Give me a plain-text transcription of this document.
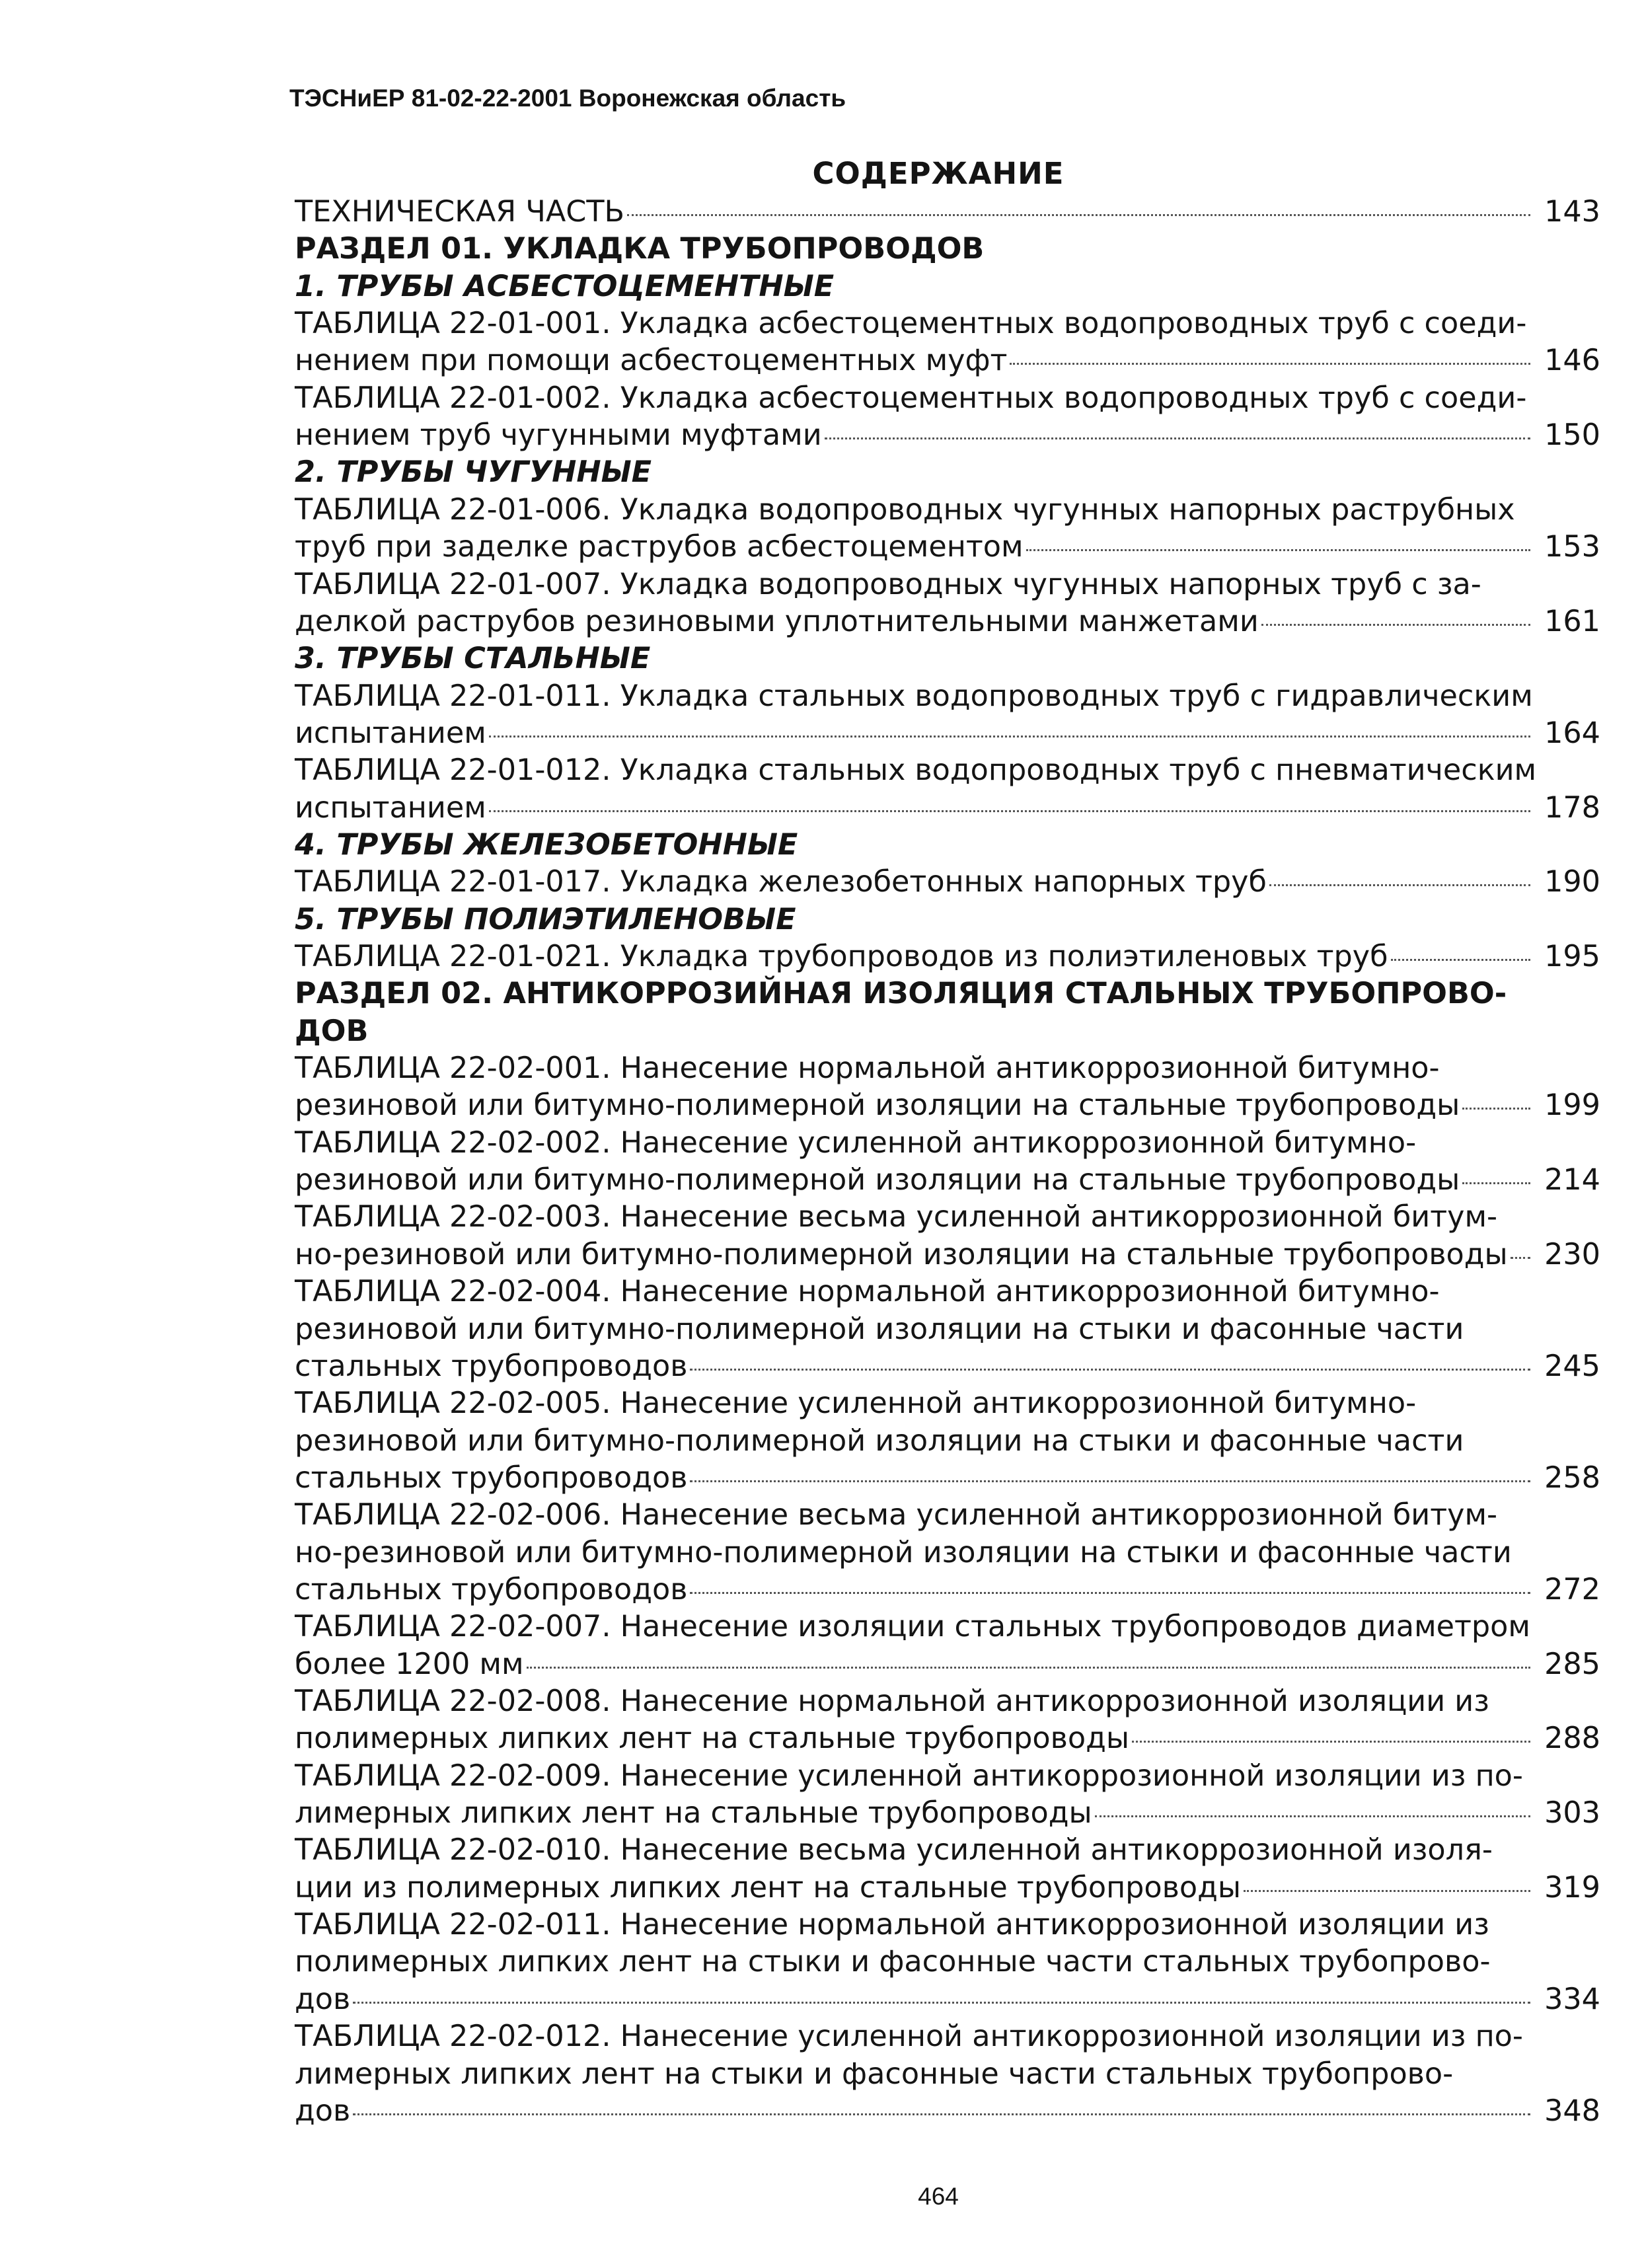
ТЭСНиЕР 81-02-22-2001 Воронежская область
СОДЕРЖАНИЕ
ТЕХНИЧЕСКАЯ ЧАСТЬ	143
РАЗДЕЛ 01. УКЛАДКА ТРУБОПРОВОДОВ
1. ТРУБЫ АСБЕСТОЦЕМЕНТНЫЕ
ТАБЛИЦА 22-01-001. Укладка асбестоцементных водопроводных труб с соеди-
нением при помощи асбестоцементных муфт	146
ТАБЛИЦА 22-01-002. Укладка асбестоцементных водопроводных труб с соеди-
нением труб чугунными муфтами	150
2. ТРУБЫ ЧУГУННЫЕ
ТАБЛИЦА 22-01-006. Укладка водопроводных чугунных напорных раструбных
труб при заделке раструбов асбестоцементом	153
ТАБЛИЦА 22-01-007. Укладка водопроводных чугунных напорных труб с за-
делкой раструбов резиновыми уплотнительными манжетами	161
3. ТРУБЫ СТАЛЬНЫЕ
ТАБЛИЦА 22-01-011. Укладка стальных водопроводных труб с гидравлическим
испытанием	164
ТАБЛИЦА 22-01-012. Укладка стальных водопроводных труб с пневматическим
испытанием	178
4. ТРУБЫ ЖЕЛЕЗОБЕТОННЫЕ
ТАБЛИЦА 22-01-017. Укладка железобетонных напорных труб	190
5. ТРУБЫ ПОЛИЭТИЛЕНОВЫЕ
ТАБЛИЦА 22-01-021. Укладка трубопроводов из полиэтиленовых труб	195
РАЗДЕЛ 02. АНТИКОРРОЗИЙНАЯ ИЗОЛЯЦИЯ СТАЛЬНЫХ ТРУБОПРОВО-
ДОВ
ТАБЛИЦА 22-02-001. Нанесение нормальной антикоррозионной битумно-
резиновой или битумно-полимерной изоляции на стальные трубопроводы	199
ТАБЛИЦА 22-02-002. Нанесение усиленной антикоррозионной битумно-
резиновой или битумно-полимерной изоляции на стальные трубопроводы	214
ТАБЛИЦА 22-02-003. Нанесение весьма усиленной антикоррозионной битум-
но-резиновой или битумно-полимерной изоляции на стальные трубопроводы 230
ТАБЛИЦА 22-02-004. Нанесение нормальной антикоррозионной битумно-
резиновой или битумно-полимерной изоляции на стыки и фасонные части
стальных трубопроводов	245
ТАБЛИЦА 22-02-005. Нанесение усиленной антикоррозионной битумно-
резиновой или битумно-полимерной изоляции на стыки и фасонные части
стальных трубопроводов	258
ТАБЛИЦА 22-02-006. Нанесение весьма усиленной антикоррозионной битум-
но-резиновой или битумно-полимерной изоляции на стыки и фасонные части
стальных трубопроводов	272
ТАБЛИЦА 22-02-007. Нанесение изоляции стальных трубопроводов диаметром
более 1200 мм	285
ТАБЛИЦА 22-02-008. Нанесение нормальной антикоррозионной изоляции из
полимерных липких лент на стальные трубопроводы	288
ТАБЛИЦА 22-02-009. Нанесение усиленной антикоррозионной изоляции из по-
лимерных липких лент на стальные трубопроводы	303
ТАБЛИЦА 22-02-010. Нанесение весьма усиленной антикоррозионной изоля-
ции из полимерных липких лент на стальные трубопроводы	319
ТАБЛИЦА 22-02-011. Нанесение нормальной антикоррозионной изоляции из
полимерных липких лент на стыки и фасонные части стальных трубопрово-
дов	334
ТАБЛИЦА 22-02-012. Нанесение усиленной антикоррозионной изоляции из по-
лимерных липких лент на стыки и фасонные части стальных трубопрово-
дов	348
464
